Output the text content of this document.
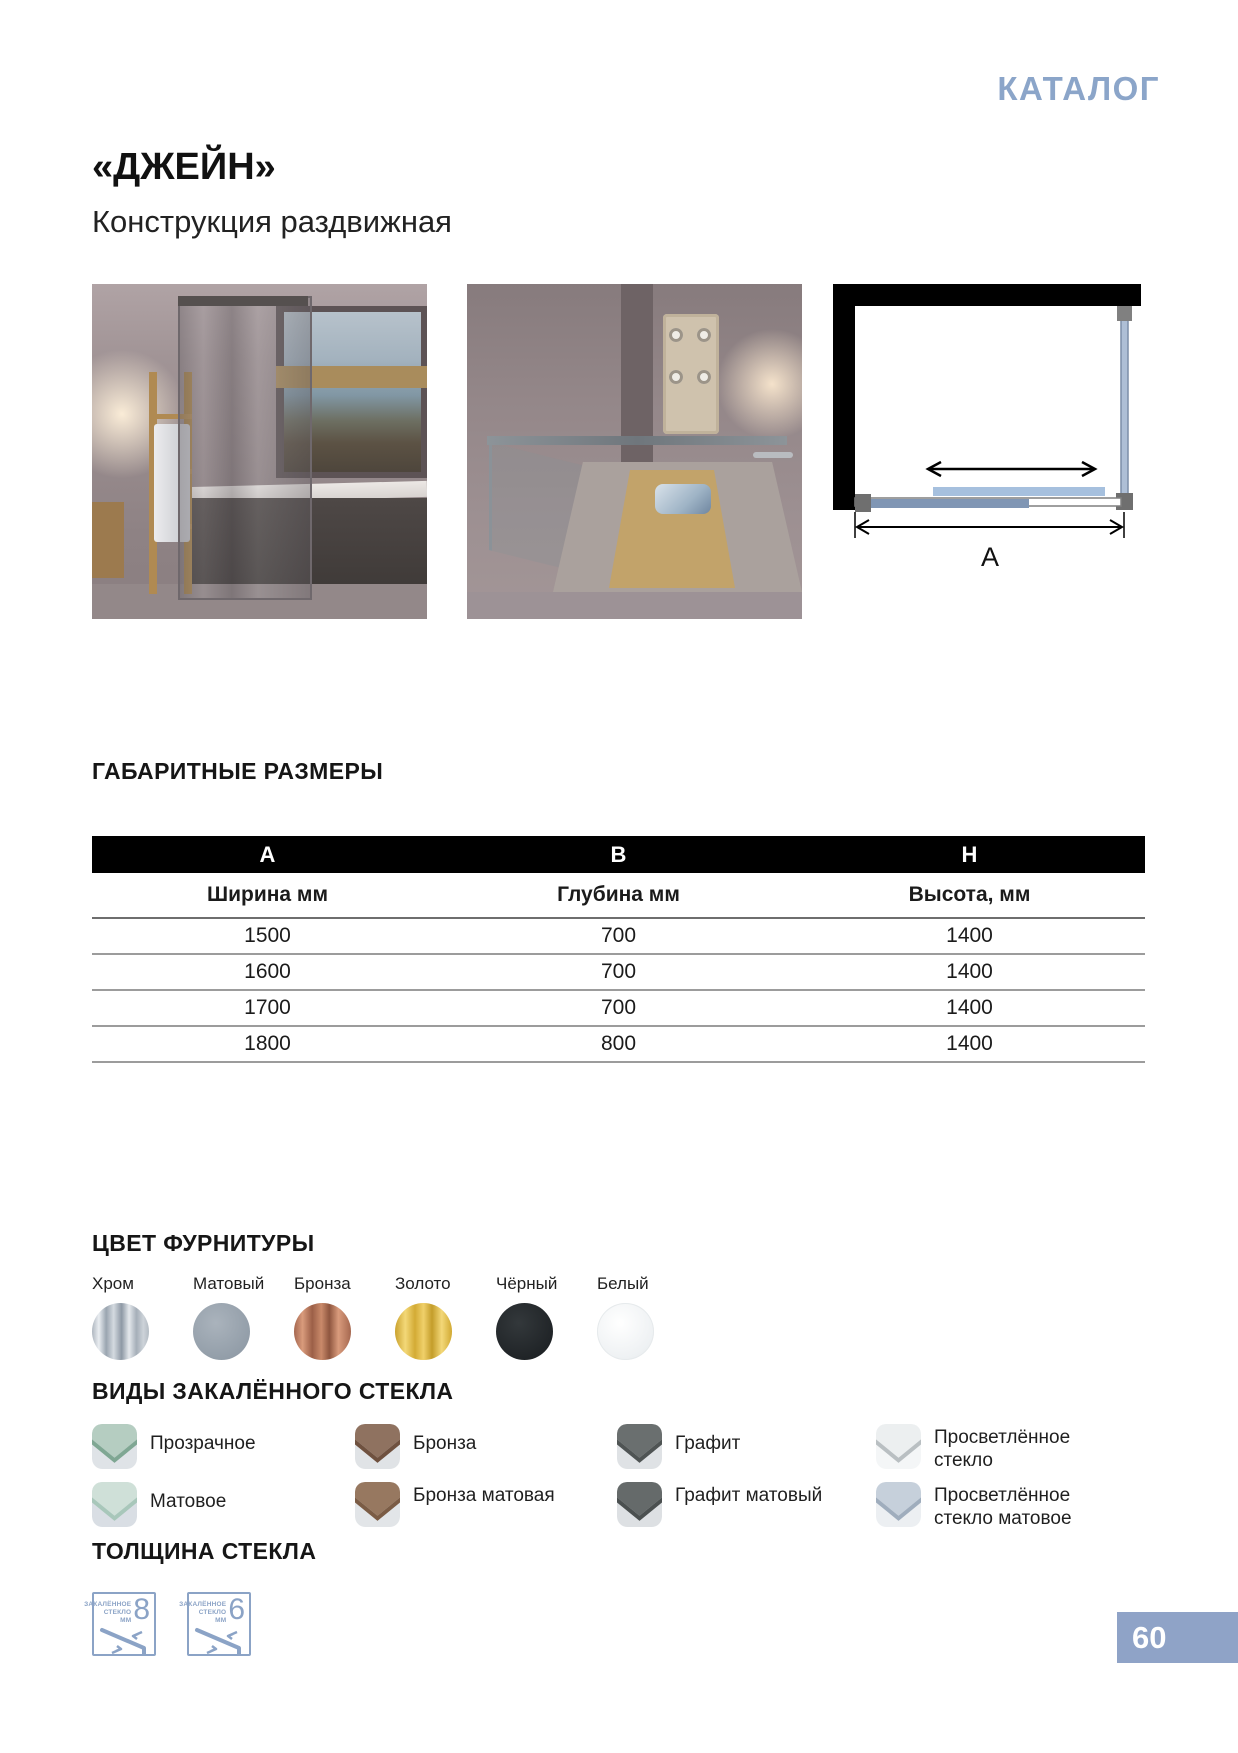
КАТАЛОГ
«ДЖЕЙН»
Конструкция раздвижная
A
ГАБАРИТНЫЕ РАЗМЕРЫ
А	В	Н
Ширина мм	Глубина мм	Высота, мм
1500	700	1400
1600	700	1400
1700	700	1400
1800	800	1400
ЦВЕТ ФУРНИТУРЫ
Хром	Матовый Бронза	Золото	Чёрный Белый
ВИДЫ ЗАКАЛЁННОГО СТЕКЛА
Прозрачное	Бронза	Графит	Просветлённое стекло
Матовое	Бронза матовая	Графит матовый	Просветлённое стекло матовое
ТОЛЩИНА СТЕКЛА
ЗАКАЛЁННОЕ
СТЕКЛО
ММ 8	ЗАКАЛЁННОЕ
СТЕКЛО
ММ 6
60
